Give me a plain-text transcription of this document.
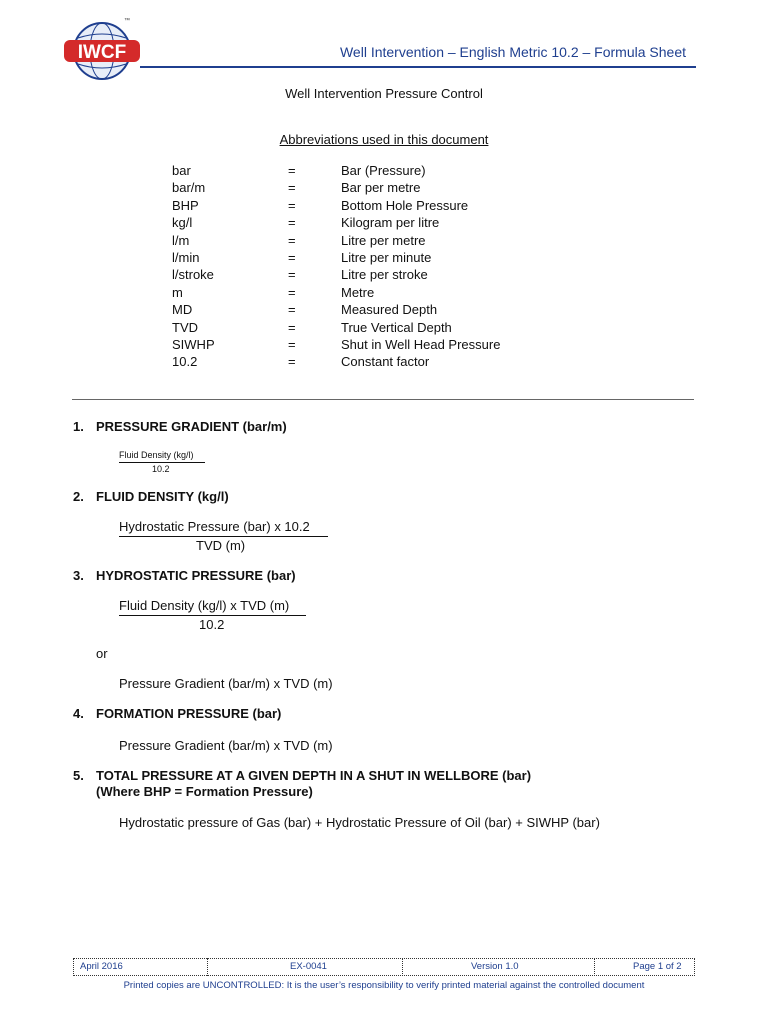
IWCF
™
Well Intervention – English Metric 10.2 – Formula Sheet
Well Intervention Pressure Control
Abbreviations used in this document
bar	=	Bar (Pressure)
bar/m	=	Bar per metre
BHP	=	Bottom Hole Pressure
kg/l	=	Kilogram per litre
l/m	=	Litre per metre
l/min	=	Litre per minute
l/stroke	=	Litre per stroke
m	=	Metre
MD	=	Measured Depth
TVD	=	True Vertical Depth
SIWHP	=	Shut in Well Head Pressure
10.2	=	Constant factor
1. PRESSURE GRADIENT (bar/m)
Fluid Density (kg/l)
10.2
2. FLUID DENSITY (kg/l)
Hydrostatic Pressure (bar) x 10.2
TVD (m)
3. HYDROSTATIC PRESSURE (bar)
Fluid Density (kg/l) x TVD (m)
10.2
or
Pressure Gradient (bar/m) x TVD (m)
4. FORMATION PRESSURE (bar)
Pressure Gradient (bar/m) x TVD (m)
5. TOTAL PRESSURE AT A GIVEN DEPTH IN A SHUT IN WELLBORE (bar)
(Where BHP = Formation Pressure)
Hydrostatic pressure of Gas (bar) + Hydrostatic Pressure of Oil (bar) + SIWHP (bar)
April 2016	EX-0041	Version 1.0	Page 1 of 2
Printed copies are UNCONTROLLED: It is the user’s responsibility to verify printed material against the controlled document
